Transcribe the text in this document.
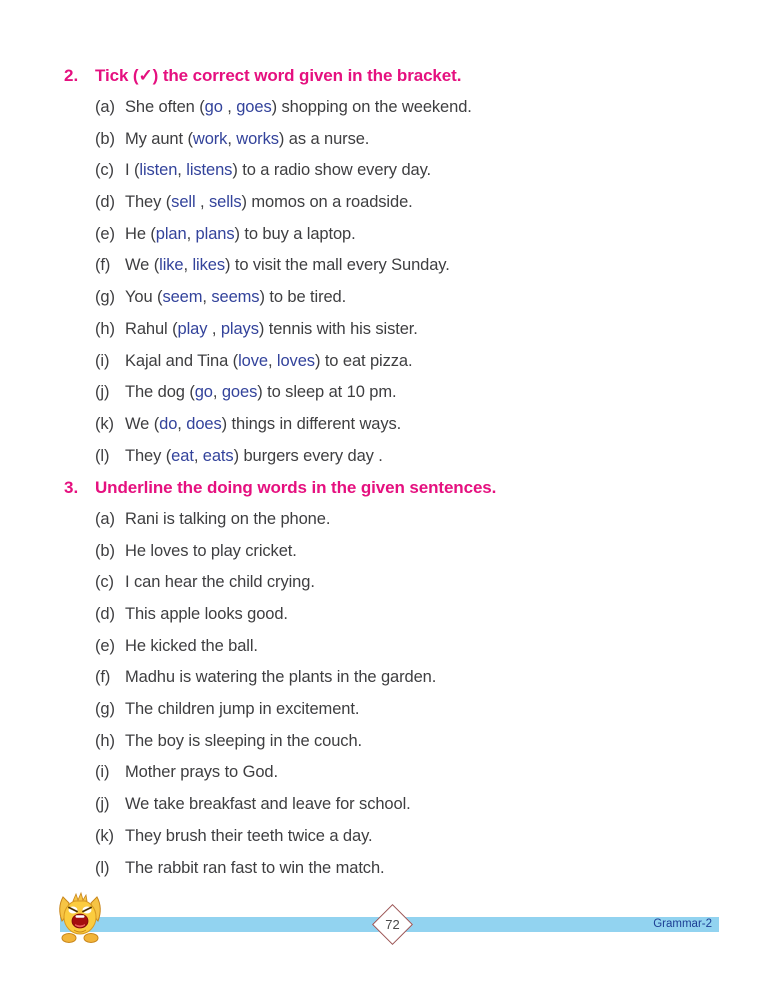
2. Tick (✓) the correct word given in the bracket.
(a) She often (go , goes) shopping on the weekend.
(b) My aunt (work, works) as a nurse.
(c) I (listen, listens) to a radio show every day.
(d) They (sell , sells) momos on a roadside.
(e) He (plan, plans) to buy a laptop.
(f) We (like, likes) to visit the mall every Sunday.
(g) You (seem, seems) to be tired.
(h) Rahul (play , plays) tennis with his sister.
(i) Kajal and Tina (love, loves) to eat pizza.
(j) The dog (go, goes) to sleep at 10 pm.
(k) We (do, does) things in different ways.
(l) They (eat, eats) burgers every day .
3. Underline the doing words in the given sentences.
(a) Rani is talking on the phone.
(b) He loves to play cricket.
(c) I can hear the child crying.
(d) This apple looks good.
(e) He kicked the ball.
(f) Madhu is watering the plants in the garden.
(g) The children jump in excitement.
(h) The boy is sleeping in the couch.
(i) Mother prays to God.
(j) We take breakfast and leave for school.
(k) They brush their teeth twice a day.
(l) The rabbit ran fast to win the match.
72	Grammar-2
